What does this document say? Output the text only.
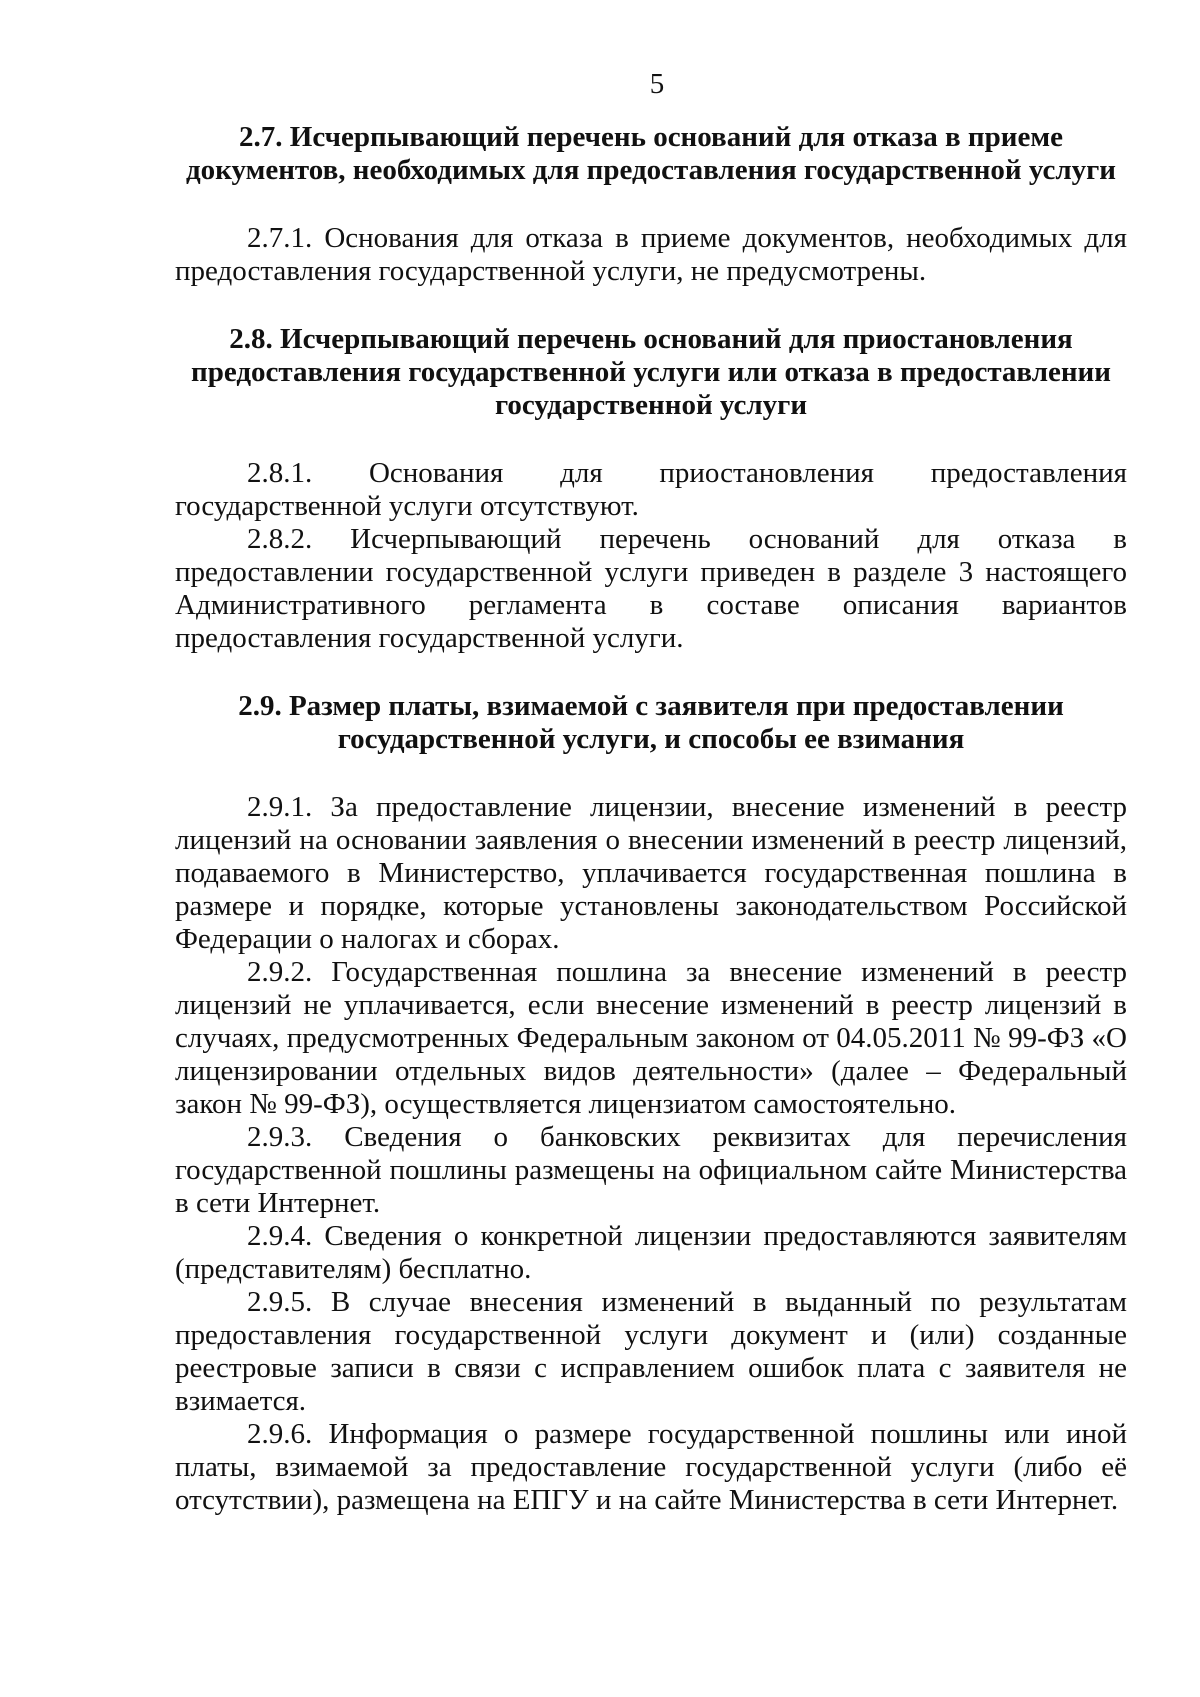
5
2.7. Исчерпывающий перечень оснований для отказа в приеме
документов, необходимых для предоставления государственной услуги

2.7.1. Основания для отказа в приеме документов, необходимых для предоставления государственной услуги, не предусмотрены.

2.8. Исчерпывающий перечень оснований для приостановления
предоставления государственной услуги или отказа в предоставлении
государственной услуги

2.8.1. Основания для приостановления предоставления государственной услуги отсутствуют.

2.8.2. Исчерпывающий перечень оснований для отказа в предоставлении государственной услуги приведен в разделе 3 настоящего Административного регламента в составе описания вариантов предоставления государственной услуги.

2.9. Размер платы, взимаемой с заявителя при предоставлении
государственной услуги, и способы ее взимания

2.9.1. За предоставление лицензии, внесение изменений в реестр лицензий на основании заявления о внесении изменений в реестр лицензий, подаваемого в Министерство, уплачивается государственная пошлина в размере и порядке, которые установлены законодательством Российской Федерации о налогах и сборах.

2.9.2. Государственная пошлина за внесение изменений в реестр лицензий не уплачивается, если внесение изменений в реестр лицензий в случаях, предусмотренных Федеральным законом от 04.05.2011 № 99-ФЗ «О лицензировании отдельных видов деятельности» (далее – Федеральный закон № 99-ФЗ), осуществляется лицензиатом самостоятельно.

2.9.3. Сведения о банковских реквизитах для перечисления государственной пошлины размещены на официальном сайте Министерства в сети Интернет.

2.9.4. Сведения о конкретной лицензии предоставляются заявителям (представителям) бесплатно.

2.9.5. В случае внесения изменений в выданный по результатам предоставления государственной услуги документ и (или) созданные реестровые записи в связи с исправлением ошибок плата с заявителя не взимается.

2.9.6. Информация о размере государственной пошлины или иной платы, взимаемой за предоставление государственной услуги (либо её отсутствии), размещена на ЕПГУ и на сайте Министерства в сети Интернет.
